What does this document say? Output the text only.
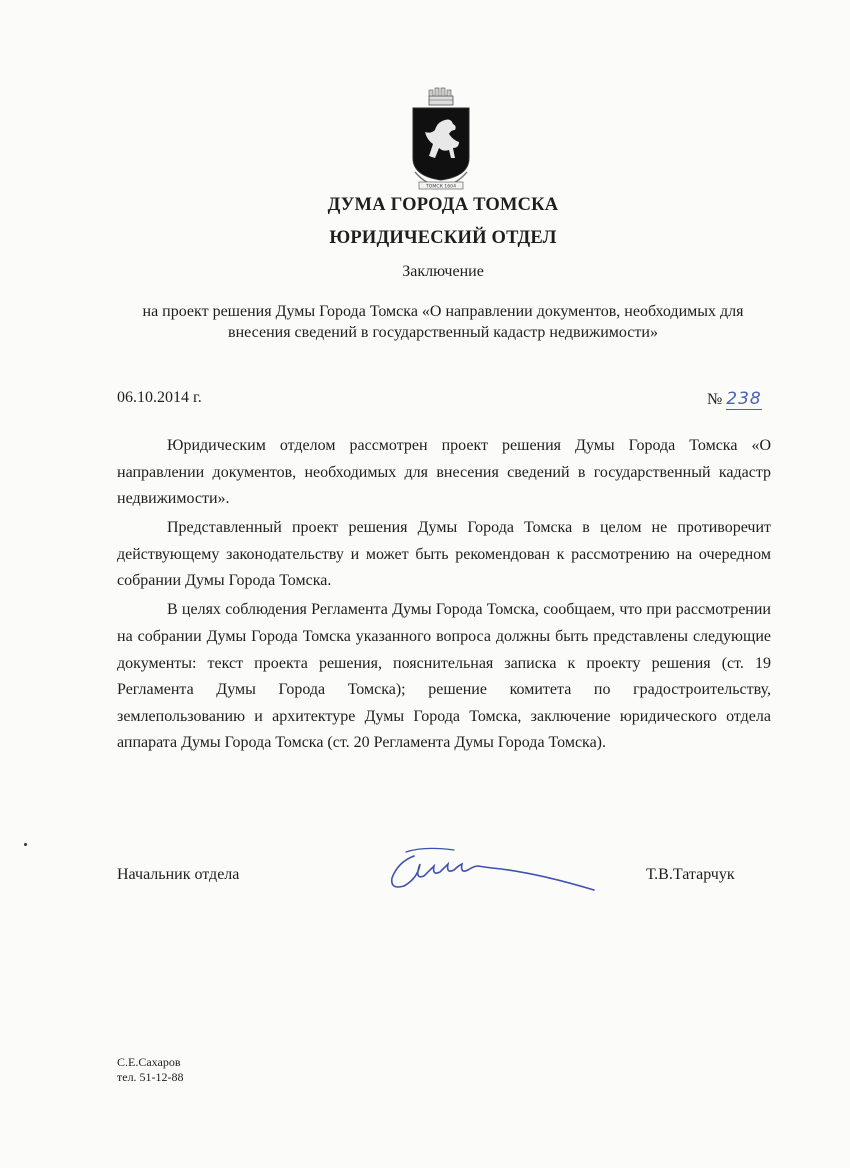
ТОМСК 1604
ДУМА ГОРОДА ТОМСКА
ЮРИДИЧЕСКИЙ ОТДЕЛ
Заключение
на проект решения Думы Города Томска «О направлении документов, необходимых для
внесения сведений в государственный кадастр недвижимости»
06.10.2014 г.	№ 238

Юридическим отделом рассмотрен проект решения Думы Города Томска «О направлении документов, необходимых для внесения сведений в государственный кадастр недвижимости».

Представленный проект решения Думы Города Томска в целом не противоречит действующему законодательству и может быть рекомендован к рассмотрению на очередном собрании Думы Города Томска.

В целях соблюдения Регламента Думы Города Томска, сообщаем, что при рассмотрении на собрании Думы Города Томска указанного вопроса должны быть представлены следующие документы: текст проекта решения, пояснительная записка к проекту решения (ст. 19 Регламента Думы Города Томска); решение комитета по градостроительству, землепользованию и архитектуре Думы Города Томска, заключение юридического отдела аппарата Думы Города Томска (ст. 20 Регламента Думы Города Томска).

Начальник отдела	Т.В.Татарчук
С.Е.Сахаров
тел. 51-12-88
